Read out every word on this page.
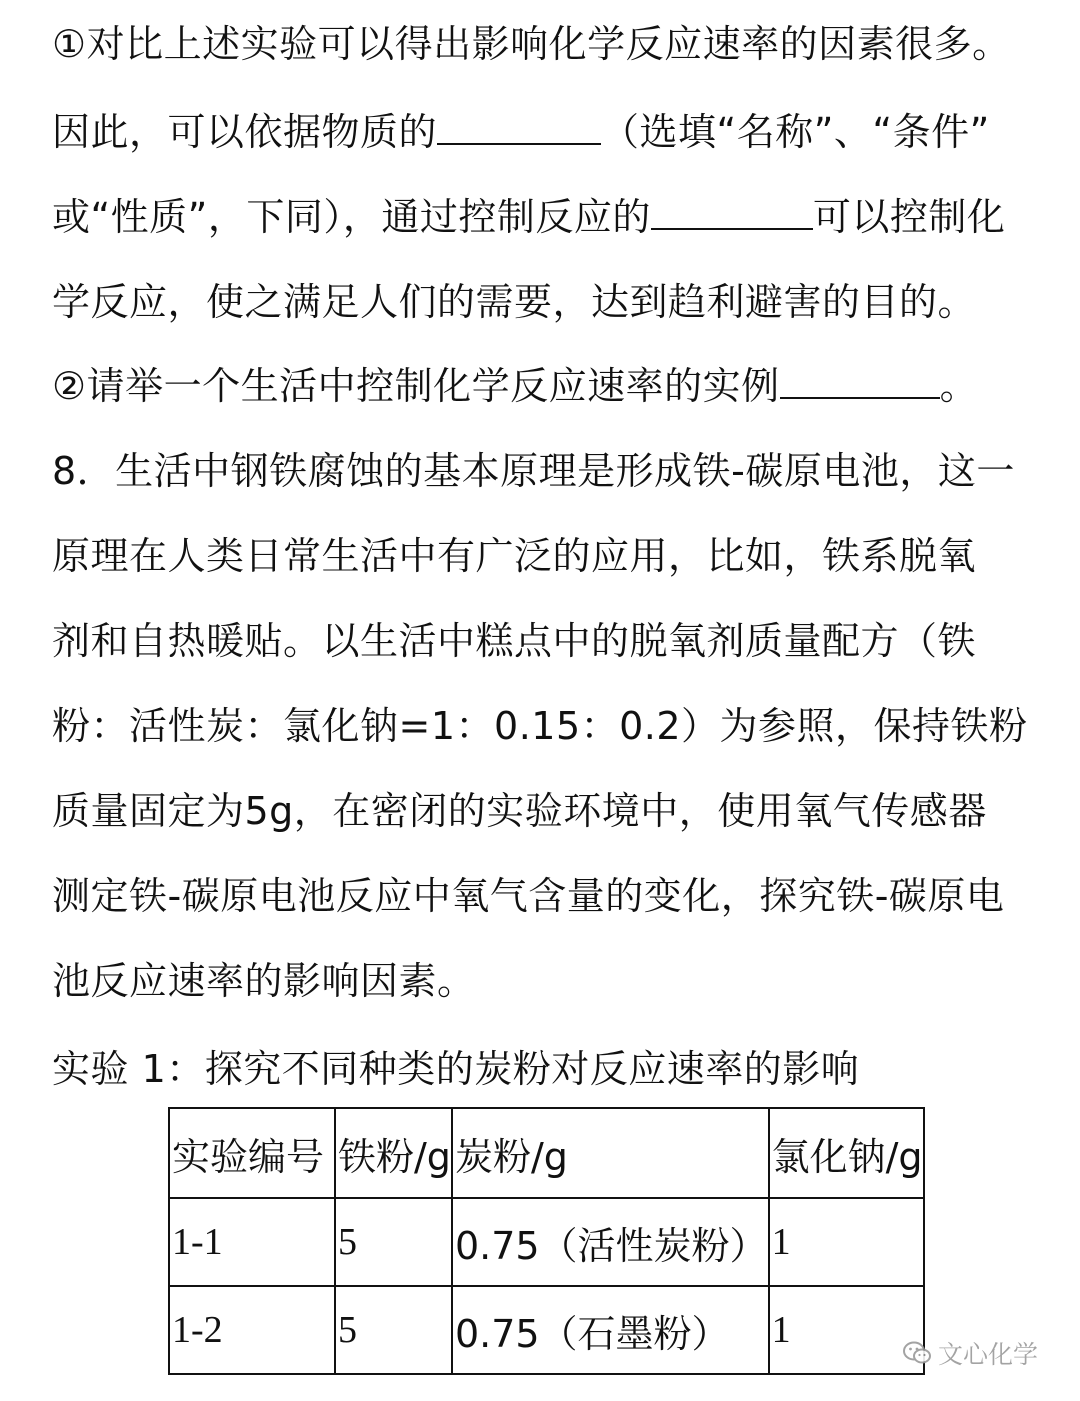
①对比上述实验可以得出影响化学反应速率的因素很多。
因此，可以依据物质的	（选填“名称”、“条件”
或“性质”，下同），通过控制反应的	可以控制化
学反应，使之满足人们的需要，达到趋利避害的目的。
②请举一个生活中控制化学反应速率的实例	。
8．生活中钢铁腐蚀的基本原理是形成铁-碳原电池，这一
原理在人类日常生活中有广泛的应用，比如，铁系脱氧
剂和自热暖贴。以生活中糕点中的脱氧剂质量配方（铁
粉：活性炭：氯化钠=1：0.15：0.2）为参照，保持铁粉
质量固定为5g，在密闭的实验环境中，使用氧气传感器
测定铁-碳原电池反应中氧气含量的变化，探究铁-碳原电
池反应速率的影响因素。
实验 1：探究不同种类的炭粉对反应速率的影响
实验编号	铁粉/g	炭粉/g	氯化钠/g
1-1	5	0.75（活性炭粉）	1
1-2	5	0.75（石墨粉）	1
文心化学
